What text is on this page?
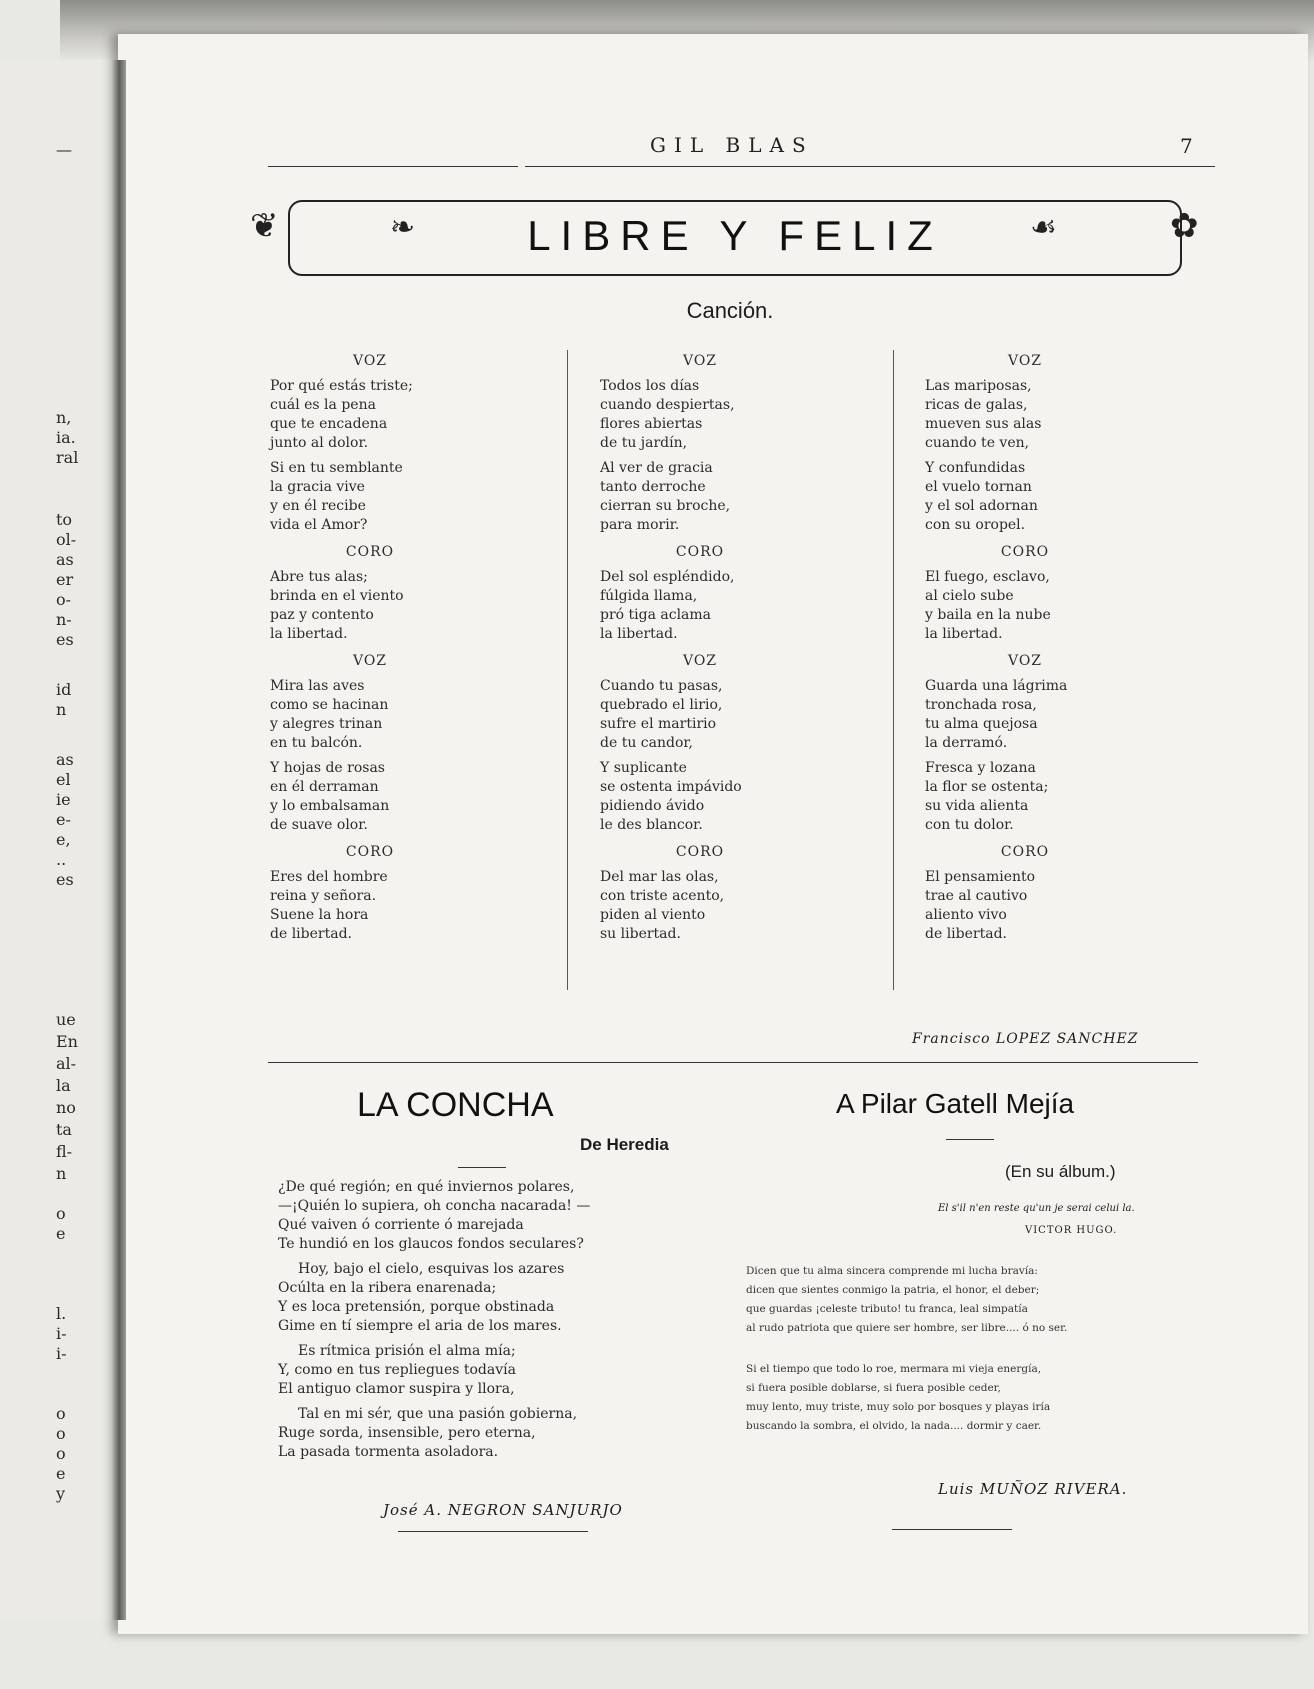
—
n,
ia.
ral
to
ol-
as
er
o-
n-
es
id
n
as
el
ie
e-
e,
..
es
ue
En
al-
la
no
ta
fl-
n
o
e
l.
i-
i-
o
o
o
e
y
GIL BLAS	7
LIBRE Y FELIZ
❦	❧	☙	✿
Canción.
VOZ
Por qué estás triste;
cuál es la pena
que te encadena
junto al dolor.
Si en tu semblante
la gracia vive
y en él recibe
vida el Amor?
CORO
Abre tus alas;
brinda en el viento
paz y contento
la libertad.
VOZ
Mira las aves
como se hacinan
y alegres trinan
en tu balcón.
Y hojas de rosas
en él derraman
y lo embalsaman
de suave olor.
CORO
Eres del hombre
reina y señora.
Suene la hora
de libertad.
VOZ
Todos los días
cuando despiertas,
flores abiertas
de tu jardín,
Al ver de gracia
tanto derroche
cierran su broche,
para morir.
CORO
Del sol espléndido,
fúlgida llama,
pró tiga aclama
la libertad.
VOZ
Cuando tu pasas,
quebrado el lirio,
sufre el martirio
de tu candor,
Y suplicante
se ostenta impávido
pidiendo ávido
le des blancor.
CORO
Del mar las olas,
con triste acento,
piden al viento
su libertad.
VOZ
Las mariposas,
ricas de galas,
mueven sus alas
cuando te ven,
Y confundidas
el vuelo tornan
y el sol adornan
con su oropel.
CORO
El fuego, esclavo,
al cielo sube
y baila en la nube
la libertad.
VOZ
Guarda una lágrima
tronchada rosa,
tu alma quejosa
la derramó.
Fresca y lozana
la flor se ostenta;
su vida alienta
con tu dolor.
CORO
El pensamiento
trae al cautivo
aliento vivo
de libertad.
Francisco LOPEZ SANCHEZ
LA CONCHA
De Heredia
¿De qué región; en qué inviernos polares,
—¡Quién lo supiera, oh concha nacarada! —
Qué vaiven ó corriente ó marejada
Te hundió en los glaucos fondos seculares?
Hoy, bajo el cielo, esquivas los azares
Ocúlta en la ribera enarenada;
Y es loca pretensión, porque obstinada
Gime en tí siempre el aria de los mares.
Es rítmica prisión el alma mía;
Y, como en tus repliegues todavía
El antiguo clamor suspira y llora,
Tal en mi sér, que una pasión gobierna,
Ruge sorda, insensible, pero eterna,
La pasada tormenta asoladora.
José A. NEGRON SANJURJO
A Pilar Gatell Mejía
(En su álbum.)
El s'il n'en reste qu'un je serai celui la.
VICTOR HUGO.
Dicen que tu alma sincera comprende mi lucha bravía:
dicen que sientes conmigo la patria, el honor, el deber;
que guardas ¡celeste tributo! tu franca, leal simpatía
al rudo patriota que quiere ser hombre, ser libre.... ó no ser.
Si el tiempo que todo lo roe, mermara mi vieja energía,
si fuera posible doblarse, si fuera posible ceder,
muy lento, muy triste, muy solo por bosques y playas iría
buscando la sombra, el olvido, la nada.... dormir y caer.
Luis MUÑOZ RIVERA.
